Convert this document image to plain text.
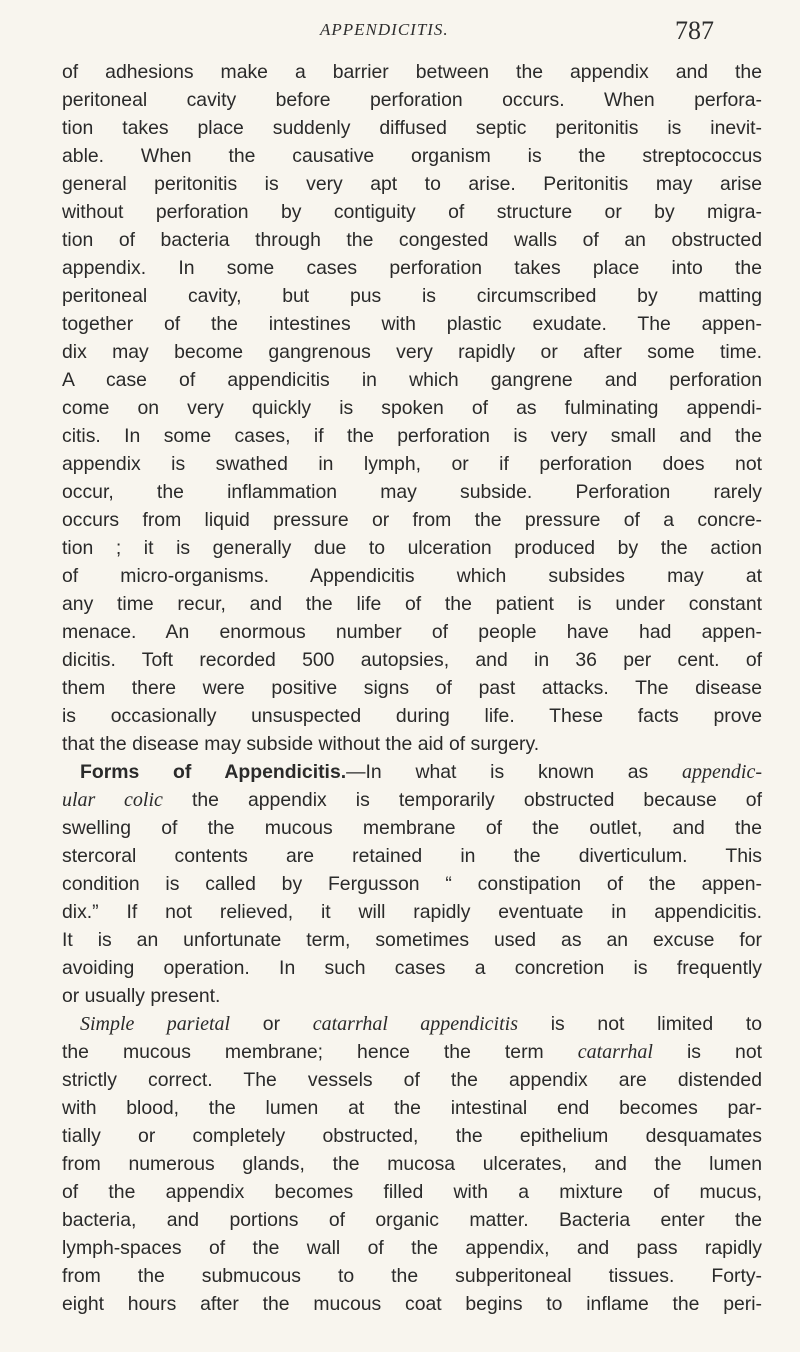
APPENDICITIS.	787
of adhesions make a barrier between the appendix and the
peritoneal cavity before perforation occurs. When perfora-
tion takes place suddenly diffused septic peritonitis is inevit-
able. When the causative organism is the streptococcus
general peritonitis is very apt to arise. Peritonitis may arise
without perforation by contiguity of structure or by migra-
tion of bacteria through the congested walls of an obstructed
appendix. In some cases perforation takes place into the
peritoneal cavity, but pus is circumscribed by matting
together of the intestines with plastic exudate. The appen-
dix may become gangrenous very rapidly or after some time.
A case of appendicitis in which gangrene and perforation
come on very quickly is spoken of as fulminating appendi-
citis. In some cases, if the perforation is very small and the
appendix is swathed in lymph, or if perforation does not
occur, the inflammation may subside. Perforation rarely
occurs from liquid pressure or from the pressure of a concre-
tion ; it is generally due to ulceration produced by the action
of micro-organisms. Appendicitis which subsides may at
any time recur, and the life of the patient is under constant
menace. An enormous number of people have had appen-
dicitis. Toft recorded 500 autopsies, and in 36 per cent. of
them there were positive signs of past attacks. The disease
is occasionally unsuspected during life. These facts prove
that the disease may subside without the aid of surgery.
Forms of Appendicitis.—In what is known as appendic-
ular colic the appendix is temporarily obstructed because of
swelling of the mucous membrane of the outlet, and the
stercoral contents are retained in the diverticulum. This
condition is called by Fergusson “ constipation of the appen-
dix.” If not relieved, it will rapidly eventuate in appendicitis.
It is an unfortunate term, sometimes used as an excuse for
avoiding operation. In such cases a concretion is frequently
or usually present.
Simple parietal or catarrhal appendicitis is not limited to
the mucous membrane; hence the term catarrhal is not
strictly correct. The vessels of the appendix are distended
with blood, the lumen at the intestinal end becomes par-
tially or completely obstructed, the epithelium desquamates
from numerous glands, the mucosa ulcerates, and the lumen
of the appendix becomes filled with a mixture of mucus,
bacteria, and portions of organic matter. Bacteria enter the
lymph-spaces of the wall of the appendix, and pass rapidly
from the submucous to the subperitoneal tissues. Forty-
eight hours after the mucous coat begins to inflame the peri-
